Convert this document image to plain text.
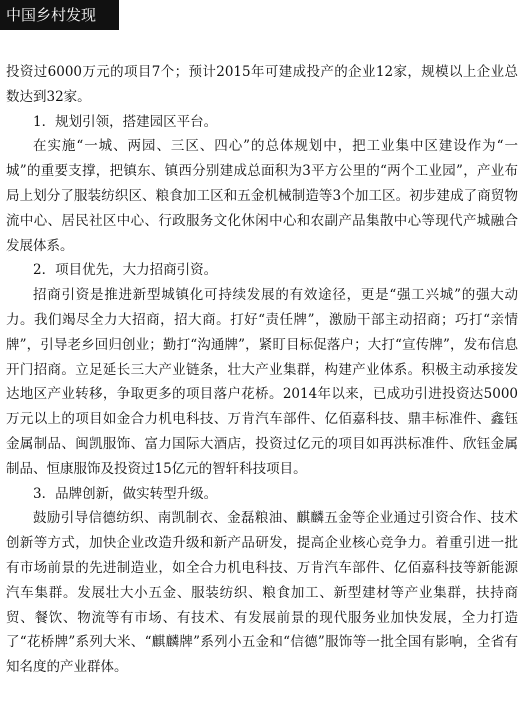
中国乡村发现

投资过6000万元的项目7个；预计2015年可建成投产的企业12家，规模以上企业总数达到32家。

1．规划引领，搭建园区平台。

在实施“一城、两园、三区、四心”的总体规划中，把工业集中区建设作为“一城”的重要支撑，把镇东、镇西分别建成总面积为3平方公里的“两个工业园”，产业布局上划分了服装纺织区、粮食加工区和五金机械制造等3个加工区。初步建成了商贸物流中心、居民社区中心、行政服务文化休闲中心和农副产品集散中心等现代产城融合发展体系。

2．项目优先，大力招商引资。

招商引资是推进新型城镇化可持续发展的有效途径，更是“强工兴城”的强大动力。我们竭尽全力大招商，招大商。打好“责任牌”，激励干部主动招商；巧打“亲情牌”，引导老乡回归创业；勤打“沟通牌”，紧盯目标促落户；大打“宣传牌”，发布信息开门招商。立足延长三大产业链条，壮大产业集群，构建产业体系。积极主动承接发达地区产业转移，争取更多的项目落户花桥。2014年以来，已成功引进投资达5000万元以上的项目如金合力机电科技、万肯汽车部件、亿佰嘉科技、鼎丰标准件、鑫钰金属制品、闽凯服饰、富力国际大酒店，投资过亿元的项目如再洪标准件、欣钰金属制品、恒康服饰及投资过15亿元的智轩科技项目。

3．品牌创新，做实转型升级。

鼓励引导信德纺织、南凯制衣、金磊粮油、麒麟五金等企业通过引资合作、技术创新等方式，加快企业改造升级和新产品研发，提高企业核心竞争力。着重引进一批有市场前景的先进制造业，如全合力机电科技、万肯汽车部件、亿佰嘉科技等新能源汽车集群。发展壮大小五金、服装纺织、粮食加工、新型建材等产业集群，扶持商贸、餐饮、物流等有市场、有技术、有发展前景的现代服务业加快发展，全力打造了“花桥牌”系列大米、“麒麟牌”系列小五金和“信德”服饰等一批全国有影响，全省有知名度的产业群体。
